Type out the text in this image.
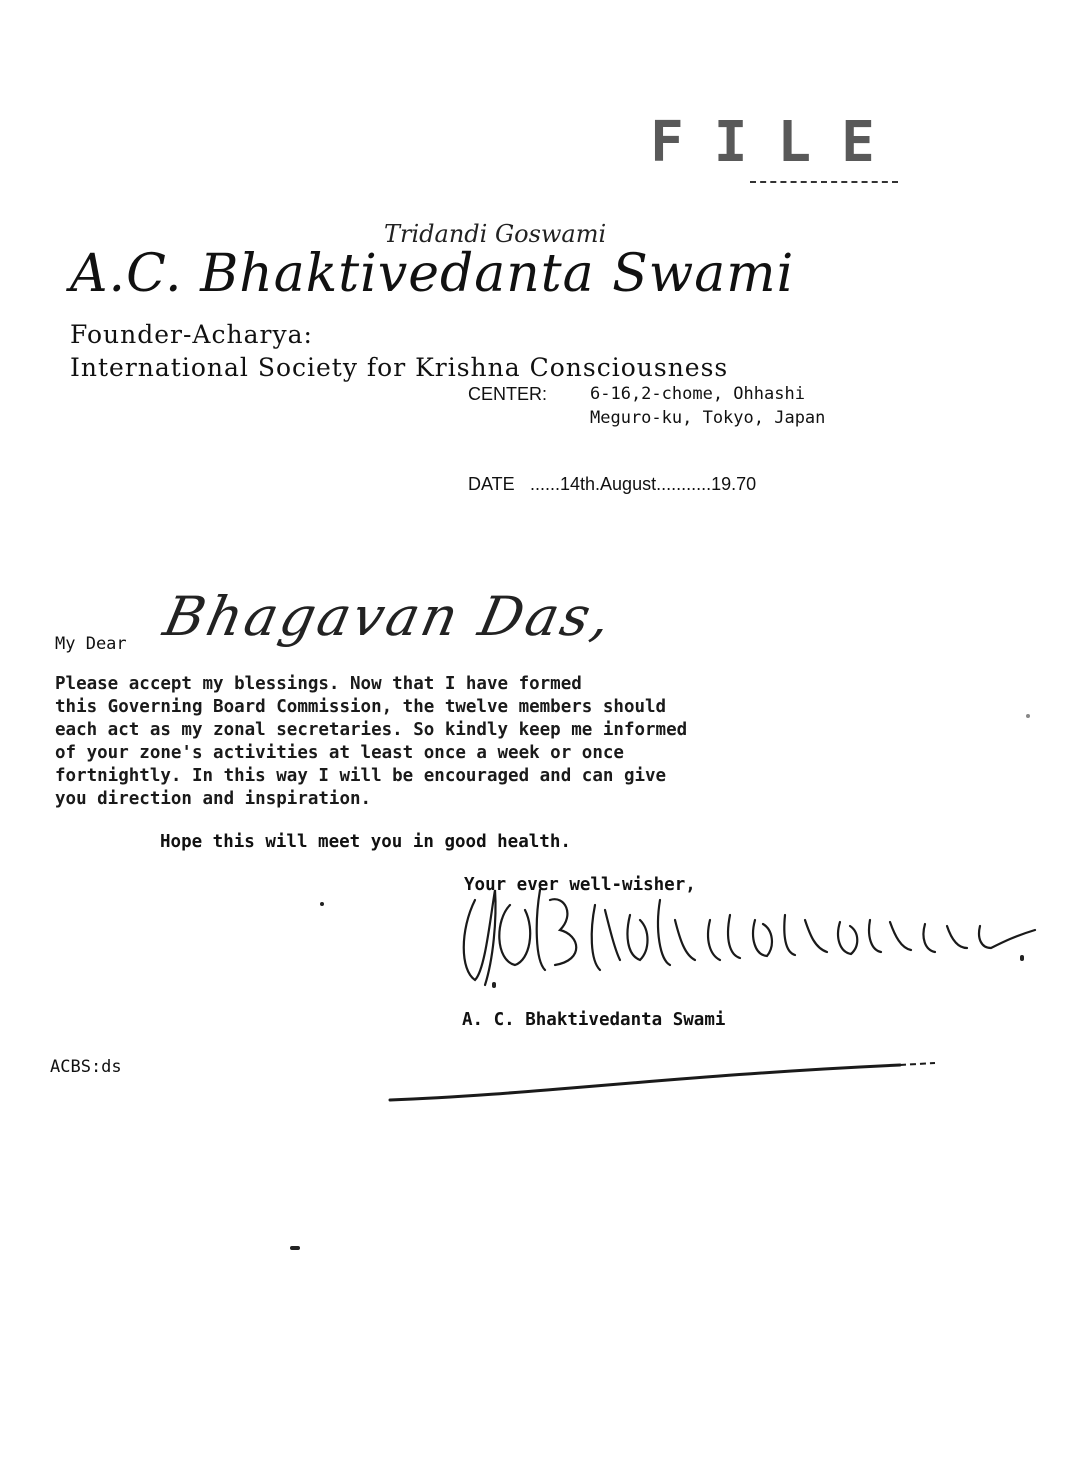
FILE
Tridandi Goswami
A.C. Bhaktivedanta Swami
Founder-Acharya:
International Society for Krishna Consciousness
CENTER:	6-16,2-chome, Ohhashi
Meguro-ku, Tokyo, Japan
DATE ......14th.August...........19.70
My Dear Bhagavan Das,
Please accept my blessings. Now that I have formed
this Governing Board Commission, the twelve members should
each act as my zonal secretaries. So kindly keep me informed
of your zone's activities at least once a week or once
fortnightly. In this way I will be encouraged and can give
you direction and inspiration.
Hope this will meet you in good health.
Your ever well-wisher,
A. C. Bhaktivedanta Swami
ACBS:ds
